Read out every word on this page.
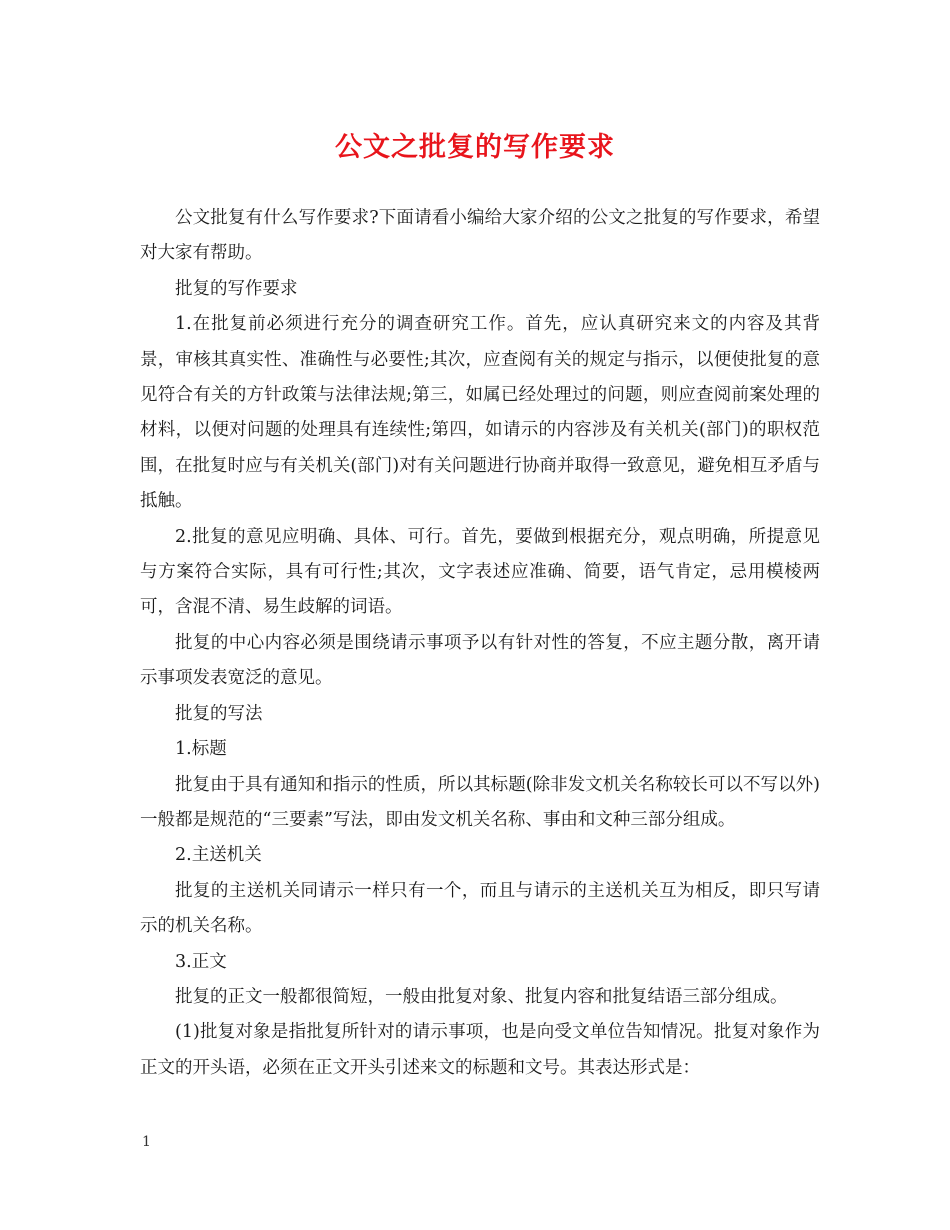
公文之批复的写作要求

公文批复有什么写作要求?下面请看小编给大家介绍的公文之批复的写作要求，希望对大家有帮助。

批复的写作要求

1.在批复前必须进行充分的调查研究工作。首先，应认真研究来文的内容及其背景，审核其真实性、准确性与必要性;其次，应查阅有关的规定与指示，以便使批复的意见符合有关的方针政策与法律法规;第三，如属已经处理过的问题，则应查阅前案处理的材料，以便对问题的处理具有连续性;第四，如请示的内容涉及有关机关(部门)的职权范围，在批复时应与有关机关(部门)对有关问题进行协商并取得一致意见，避免相互矛盾与抵触。

2.批复的意见应明确、具体、可行。首先，要做到根据充分，观点明确，所提意见与方案符合实际，具有可行性;其次，文字表述应准确、简要，语气肯定，忌用模棱两可，含混不清、易生歧解的词语。

批复的中心内容必须是围绕请示事项予以有针对性的答复，不应主题分散，离开请示事项发表宽泛的意见。

批复的写法

1.标题

批复由于具有通知和指示的性质，所以其标题(除非发文机关名称较长可以不写以外)一般都是规范的“三要素”写法，即由发文机关名称、事由和文种三部分组成。

2.主送机关

批复的主送机关同请示一样只有一个，而且与请示的主送机关互为相反，即只写请示的机关名称。

3.正文

批复的正文一般都很简短，一般由批复对象、批复内容和批复结语三部分组成。

(1)批复对象是指批复所针对的请示事项，也是向受文单位告知情况。批复对象作为正文的开头语，必须在正文开头引述来文的标题和文号。其表达形式是：

1
